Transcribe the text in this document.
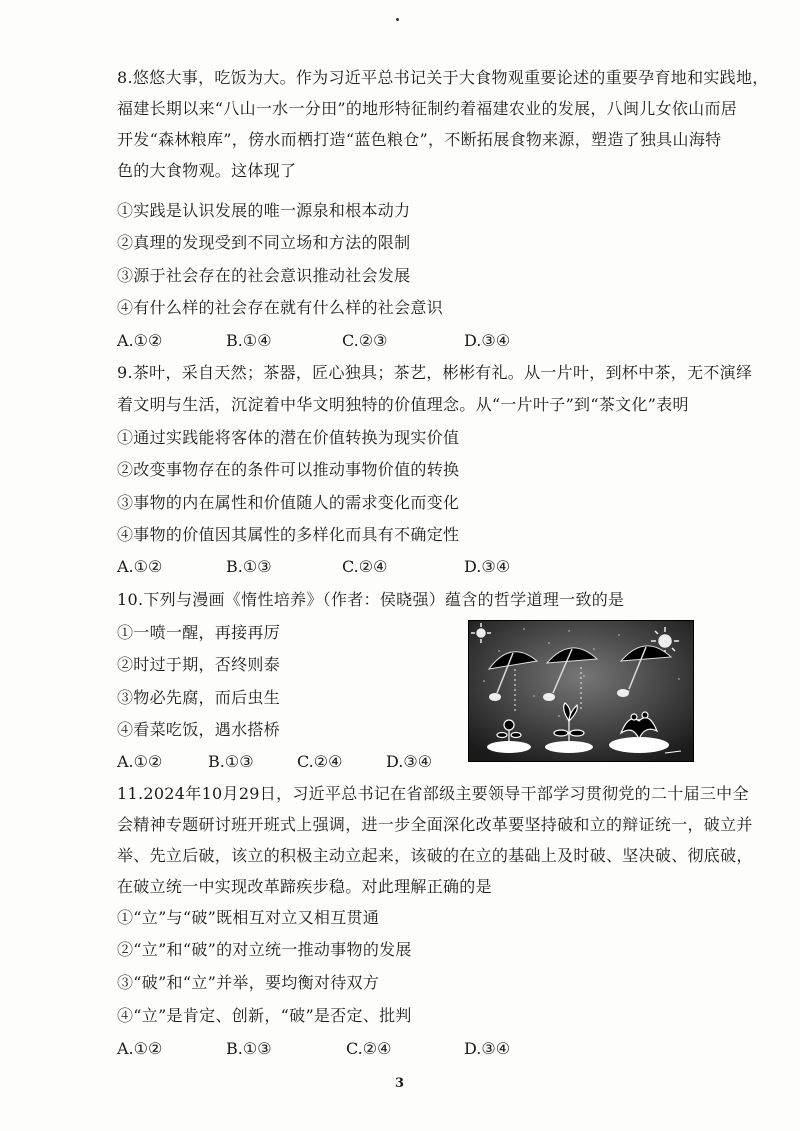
8.悠悠大事，吃饭为大。作为习近平总书记关于大食物观重要论述的重要孕育地和实践地，
福建长期以来“八山一水一分田”的地形特征制约着福建农业的发展，八闽儿女依山而居
开发“森林粮库”，傍水而栖打造“蓝色粮仓”，不断拓展食物来源，塑造了独具山海特
色的大食物观。这体现了
①实践是认识发展的唯一源泉和根本动力
②真理的发现受到不同立场和方法的限制
③源于社会存在的社会意识推动社会发展
④有什么样的社会存在就有什么样的社会意识
A.①②	B.①④	C.②③	D.③④
9.茶叶，采自天然；茶器，匠心独具；茶艺，彬彬有礼。从一片叶，到杯中茶，无不演绎
着文明与生活，沉淀着中华文明独特的价值理念。从“一片叶子”到“茶文化”表明
①通过实践能将客体的潜在价值转换为现实价值
②改变事物存在的条件可以推动事物价值的转换
③事物的内在属性和价值随人的需求变化而变化
④事物的价值因其属性的多样化而具有不确定性
A.①②	B.①③	C.②④	D.③④
10.下列与漫画《惰性培养》（作者：侯晓强）蕴含的哲学道理一致的是
①一喷一醒，再接再厉
②时过于期，否终则泰
③物必先腐，而后虫生
④看菜吃饭，遇水搭桥
A.①②	B.①③	C.②④	D.③④
11.2024年10月29日，习近平总书记在省部级主要领导干部学习贯彻党的二十届三中全
会精神专题研讨班开班式上强调，进一步全面深化改革要坚持破和立的辩证统一，破立并
举、先立后破，该立的积极主动立起来，该破的在立的基础上及时破、坚决破、彻底破，
在破立统一中实现改革蹄疾步稳。对此理解正确的是
①“立”与“破”既相互对立又相互贯通
②“立”和“破”的对立统一推动事物的发展
③“破”和“立”并举，要均衡对待双方
④“立”是肯定、创新，“破”是否定、批判
A.①②	B.①③	C.②④	D.③④
3
